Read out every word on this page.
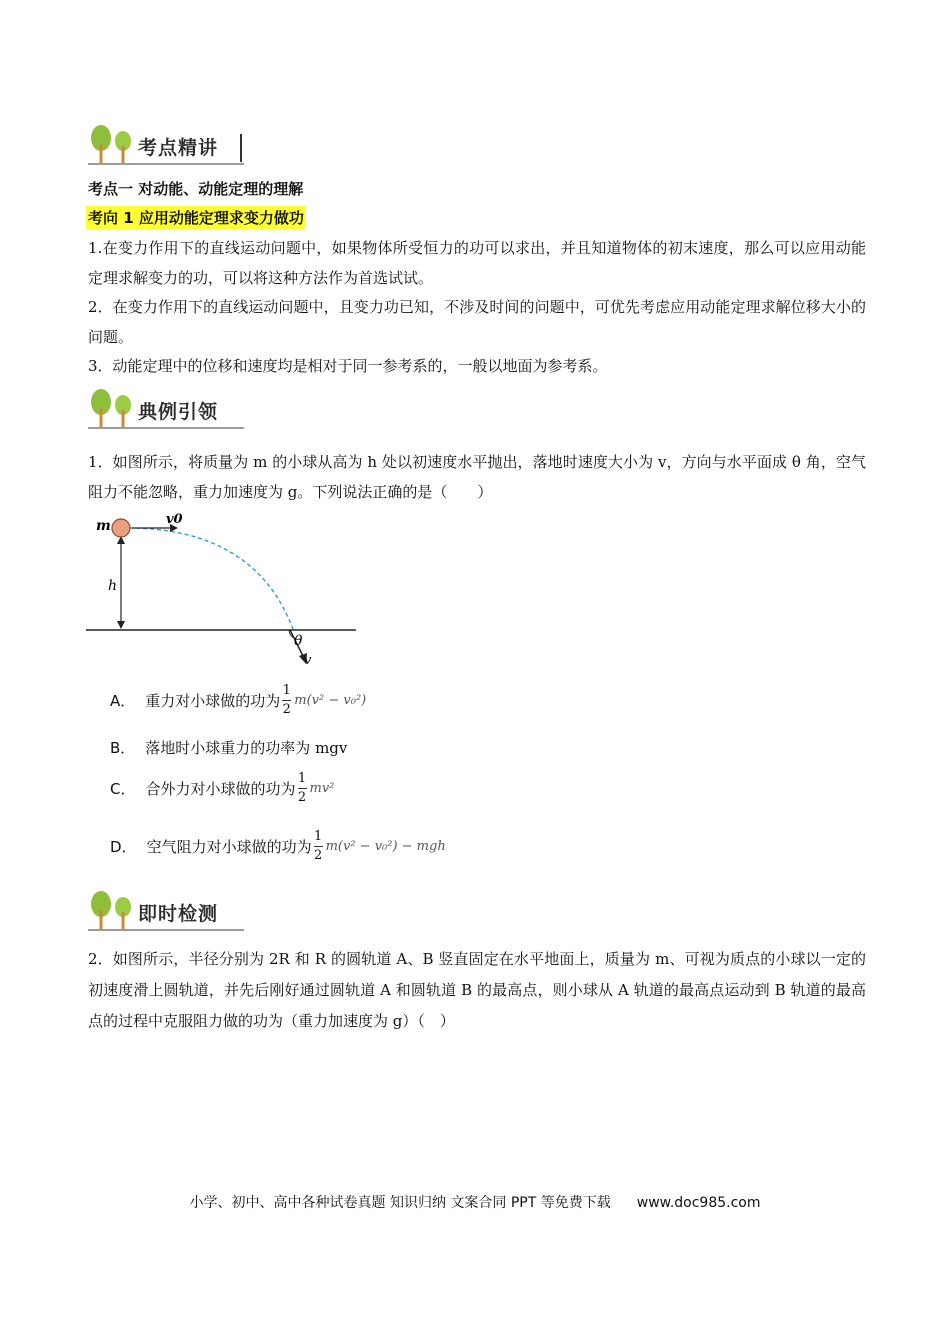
考点精讲
考点一 对动能、动能定理的理解
考向 1 应用动能定理求变力做功
1.在变力作用下的直线运动问题中，如果物体所受恒力的功可以求出，并且知道物体的初末速度，那么可以应用动能定理求解变力的功，可以将这种方法作为首选试试。
2．在变力作用下的直线运动问题中，且变力功已知，不涉及时间的问题中，可优先考虑应用动能定理求解位移大小的问题。
3．动能定理中的位移和速度均是相对于同一参考系的，一般以地面为参考系。
典例引领
1．如图所示，将质量为 m 的小球从高为 h 处以初速度水平抛出，落地时速度大小为 v，方向与水平面成 θ 角，空气阻力不能忽略，重力加速度为 g。下列说法正确的是（　　）
m	v0
h
θ
v
A． 重力对小球做的功为 $\frac{1}{2} m(v^2 - v_0^2)$
B． 落地时小球重力的功率为 mgv
C． 合外力对小球做的功为 $\frac{1}{2} mv^2$
D． 空气阻力对小球做的功为 $\frac{1}{2} m(v^2 - v_0^2)$ − mgh
即时检测
2．如图所示，半径分别为 2R 和 R 的圆轨道 A、B 竖直固定在水平地面上，质量为 m、可视为质点的小球以一定的初速度滑上圆轨道，并先后刚好通过圆轨道 A 和圆轨道 B 的最高点，则小球从 A 轨道的最高点运动到 B 轨道的最高点的过程中克服阻力做的功为（重力加速度为 g）（　）
小学、初中、高中各种试卷真题 知识归纳 文案合同 PPT 等免费下载 www.doc985.com
